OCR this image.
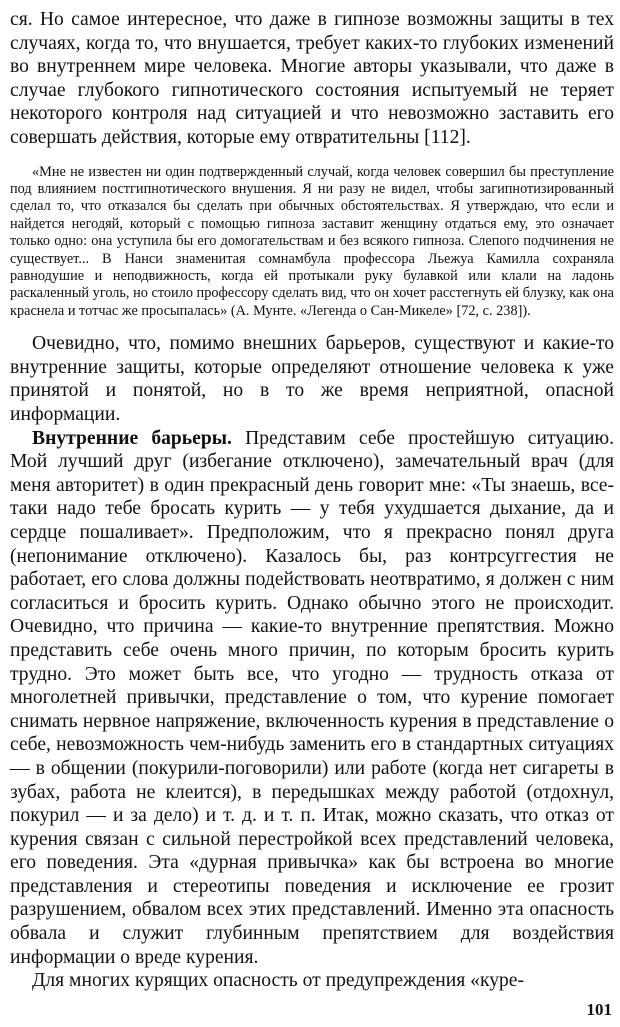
ся. Но самое интересное, что даже в гипнозе возможны защиты в тех случаях, когда то, что внушается, требует каких-то глубоких изменений во внутреннем мире человека. Многие авторы указывали, что даже в случае глубокого гипнотического состояния испытуемый не теряет некоторого контроля над ситуацией и что невозможно заставить его совершать действия, которые ему отвратительны [112].

«Мне не известен ни один подтвержденный случай, когда человек совершил бы преступление под влиянием постгипнотического внушения. Я ни разу не видел, чтобы загипнотизированный сделал то, что отказался бы сделать при обычных обстоятельствах. Я утверждаю, что если и найдется негодяй, который с помощью гипноза заставит женщину отдаться ему, это означает только одно: она уступила бы его домогательствам и без всякого гипноза. Слепого подчинения не существует... В Нанси знаменитая сомнамбула профессора Льежуа Камилла сохраняла равнодушие и неподвижность, когда ей протыкали руку булавкой или клали на ладонь раскаленный уголь, но стоило профессору сделать вид, что он хочет расстегнуть ей блузку, как она краснела и тотчас же просыпалась» (А. Мунте. «Легенда о Сан-Микеле» [72, с. 238]).

Очевидно, что, помимо внешних барьеров, существуют и какие-то внутренние защиты, которые определяют отношение человека к уже принятой и понятой, но в то же время неприятной, опасной информации.

Внутренние барьеры. Представим себе простейшую ситуацию. Мой лучший друг (избегание отключено), замечательный врач (для меня авторитет) в один прекрасный день говорит мне: «Ты знаешь, все-таки надо тебе бросать курить — у тебя ухудшается дыхание, да и сердце пошаливает». Предположим, что я прекрасно понял друга (непонимание отключено). Казалось бы, раз контрсуггестия не работает, его слова должны подействовать неотвратимо, я должен с ним согласиться и бросить курить. Однако обычно этого не происходит. Очевидно, что причина — какие-то внутренние препятствия. Можно представить себе очень много причин, по которым бросить курить трудно. Это может быть все, что угодно — трудность отказа от многолетней привычки, представление о том, что курение помогает снимать нервное напряжение, включенность курения в представление о себе, невозможность чем-нибудь заменить его в стандартных ситуациях — в общении (покурили-поговорили) или работе (когда нет сигареты в зубах, работа не клеится), в передышках между работой (отдохнул, покурил — и за дело) и т. д. и т. п. Итак, можно сказать, что отказ от курения связан с сильной перестройкой всех представлений человека, его поведения. Эта «дурная привычка» как бы встроена во многие представления и стереотипы поведения и исключение ее грозит разрушением, обвалом всех этих представлений. Именно эта опасность обвала и служит глубинным препятствием для воздействия информации о вреде курения.

Для многих курящих опасность от предупреждения «куре-

101
